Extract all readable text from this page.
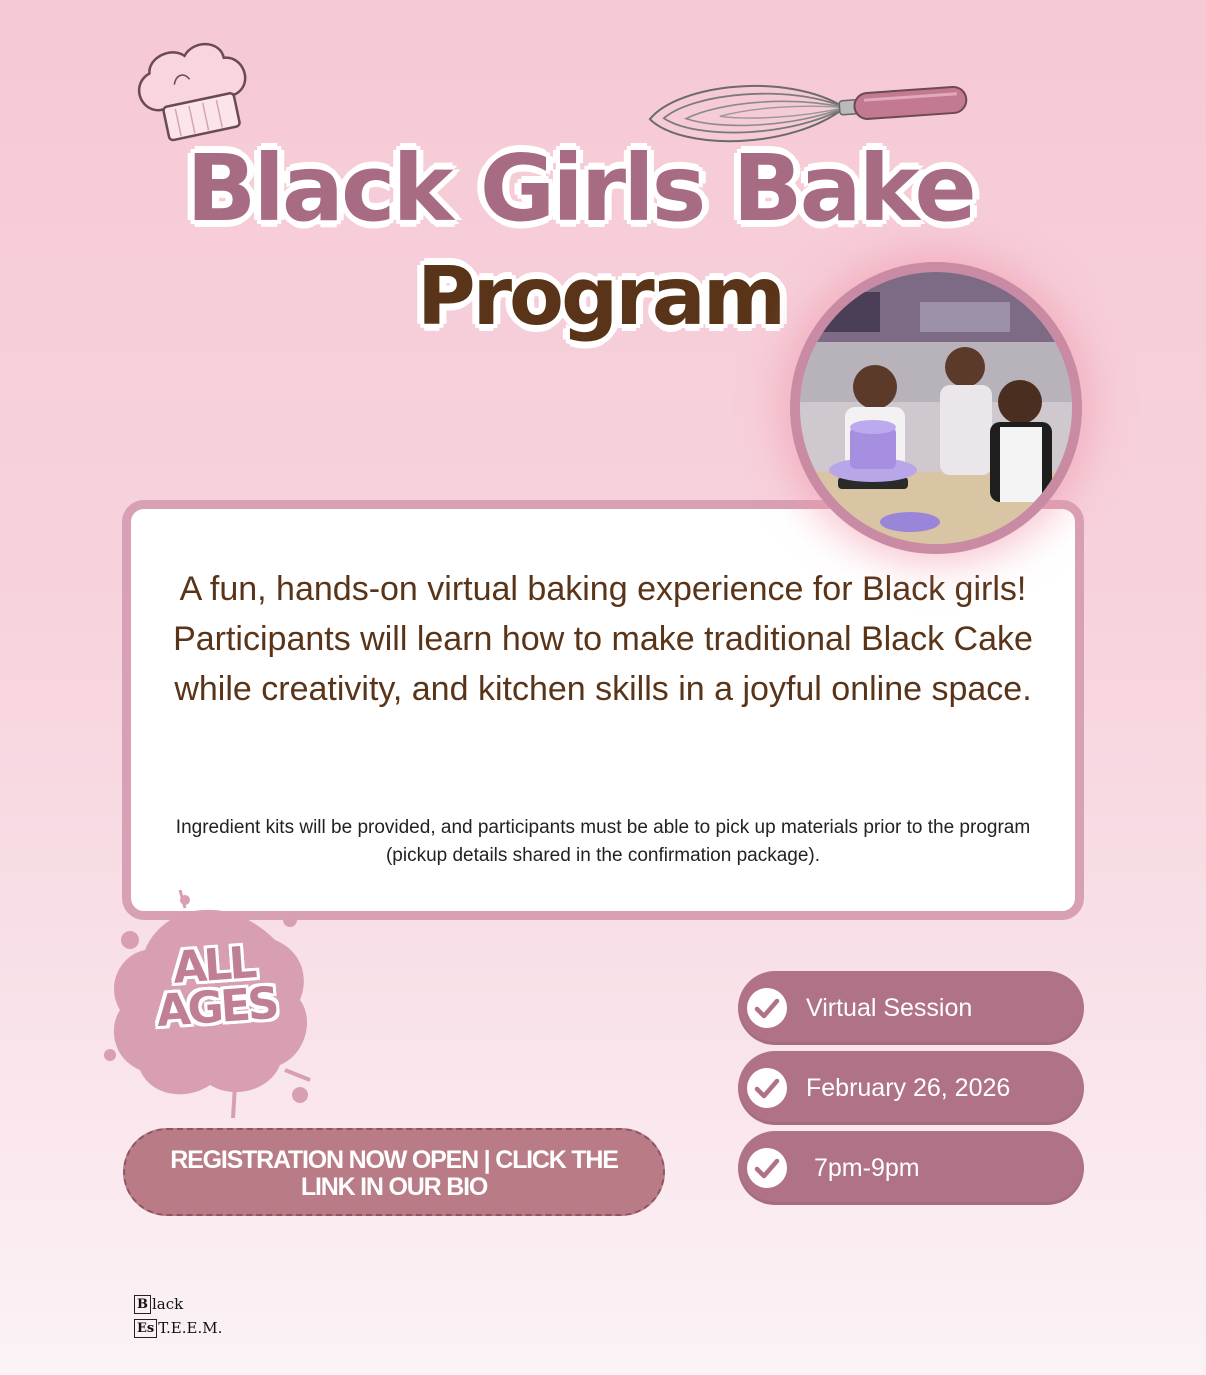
Black Girls Bake
Program
A fun, hands-on virtual baking experience for Black girls! Participants will learn how to make traditional Black Cake while creativity, and kitchen skills in a joyful online space.
Ingredient kits will be provided, and participants must be able to pick up materials prior to the program (pickup details shared in the confirmation package).
ALL
AGES	Virtual Session
February 26, 2026
7pm-9pm
REGISTRATION NOW OPEN | CLICK THE
LINK IN OUR BIO
B lack
Es T.E.E.M.
